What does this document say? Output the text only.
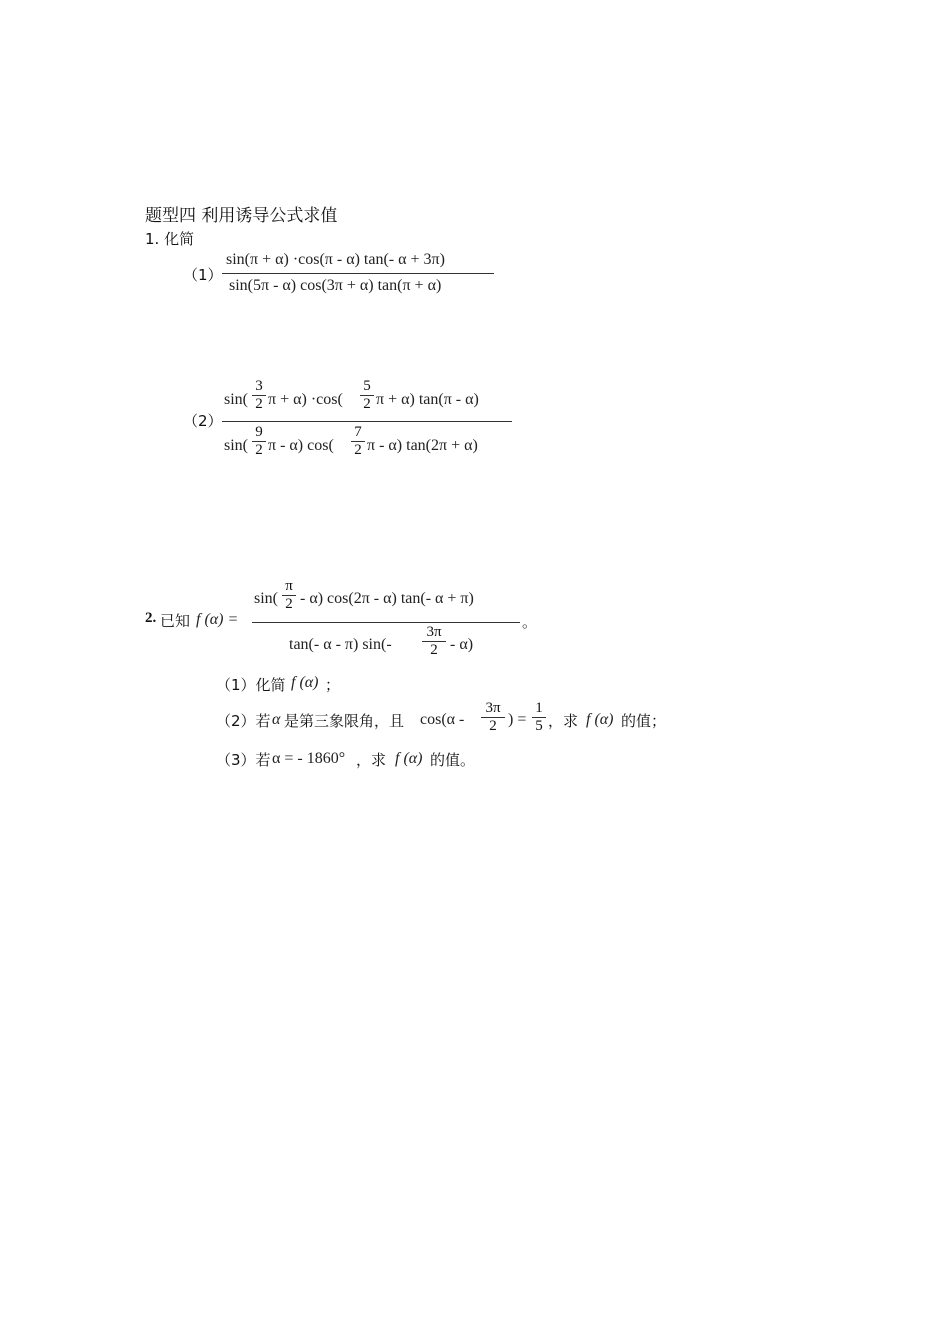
题型四 利用诱导公式求值
1. 化简
（1）
sin(π + α) ·cos(π - α) tan(- α + 3π)
sin(5π - α) cos(3π + α) tan(π + α)
（2）
sin(
3
2 π + α) ·cos(
5
2 π + α) tan(π - α)
sin(
9
2 π - α) cos(
7
2 π - α) tan(2π + α)
2. 已知 f (α) =
sin(
π
2 - α) cos(2π - α) tan(- α + π)
tan(- α - π) sin(-
3π
2 - α)
。
（1）化简 f (α) ；
（2）若 α 是第三象限角，且 cos(α -
3π
2 ) =
1
5 ，求 f (α) 的值；
（3）若 α = - 1860° ，求 f (α) 的值。
